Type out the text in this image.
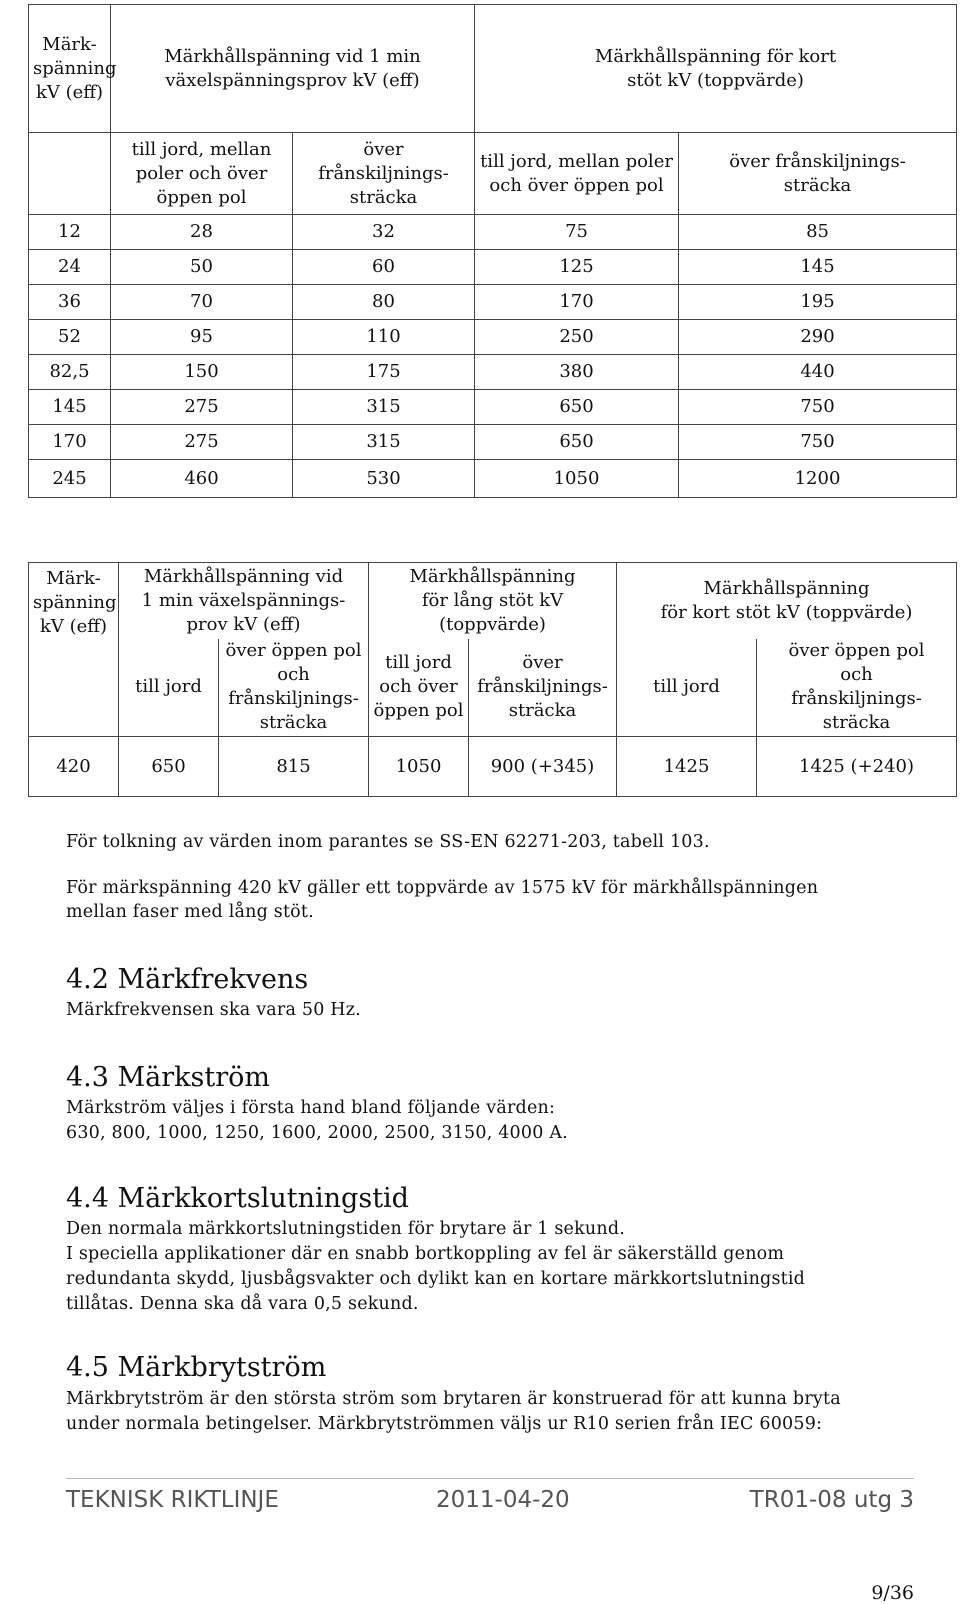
Märk-
spänning
kV (eff)	Märkhållspänning vid 1 min
växelspänningsprov kV (eff)		Märkhållspänning för kort
stöt kV (toppvärde)	
	till jord, mellan
poler och över
öppen pol	över frånskiljnings-
sträcka	till jord, mellan poler
och över öppen pol	över frånskiljnings-
sträcka
12	28	32	75	85
24	50	60	125	145
36	70	80	170	195
52	95	110	250	290
82,5	150	175	380	440
145	275	315	650	750
170	275	315	650	750
245	460	530	1050	1200
Märk-
spänning
kV (eff)	Märkhållspänning vid
1 min växelspännings-
prov kV (eff)		Märkhållspänning
för lång stöt kV
(toppvärde)		Märkhållspänning
för kort stöt kV (toppvärde)	
	till jord	över öppen pol
och
frånskiljnings-
sträcka	till jord
och över
öppen pol	över
frånskiljnings-
sträcka	till jord	över öppen pol
och
frånskiljnings-
sträcka
420	650	815	1050	900 (+345)	1425	1425 (+240)
För tolkning av värden inom parantes se SS-EN 62271-203, tabell 103.
För märkspänning 420 kV gäller ett toppvärde av 1575 kV för märkhållspänningen
mellan faser med lång stöt.
4.2 Märkfrekvens
Märkfrekvensen ska vara 50 Hz.
4.3 Märkström
Märkström väljes i första hand bland följande värden:
630, 800, 1000, 1250, 1600, 2000, 2500, 3150, 4000 A.
4.4 Märkkortslutningstid
Den normala märkkortslutningstiden för brytare är 1 sekund.
I speciella applikationer där en snabb bortkoppling av fel är säkerställd genom
redundanta skydd, ljusbågsvakter och dylikt kan en kortare märkkortslutningstid
tillåtas. Denna ska då vara 0,5 sekund.
4.5 Märkbrytström
Märkbrytström är den största ström som brytaren är konstruerad för att kunna bryta
under normala betingelser. Märkbrytströmmen väljs ur R10 serien från IEC 60059:
TEKNISK RIKTLINJE	2011-04-20	TR01-08 utg 3
9/36
